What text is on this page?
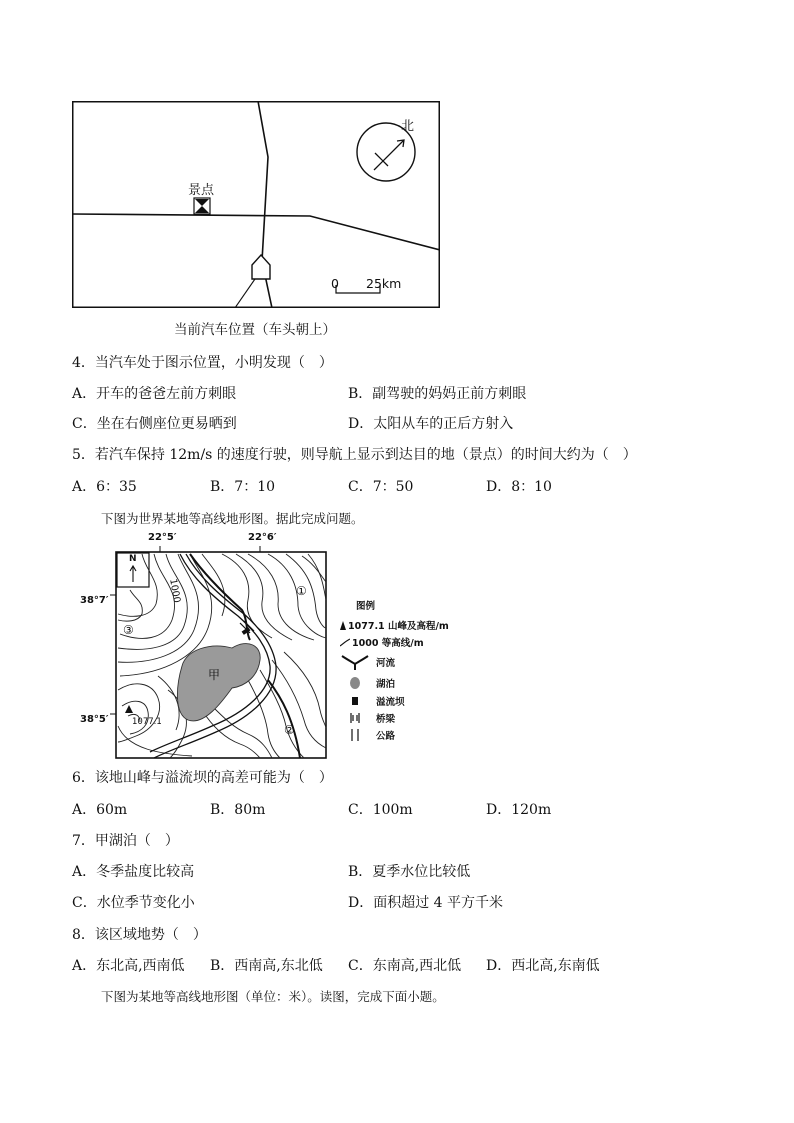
北
景点
0 25km
当前汽车位置（车头朝上）
4．当汽车处于图示位置，小明发现（　）
A．开车的爸爸左前方刺眼	B．副驾驶的妈妈正前方刺眼
C．坐在右侧座位更易晒到	D．太阳从车的正后方射入
5．若汽车保持 12m/s 的速度行驶，则导航上显示到达目的地（景点）的时间大约为（　）
A．6：35	B．7：10	C．7：50	D．8：10
下图为世界某地等高线地形图。据此完成问题。
22°5′	22°6′
38°7′
38°5′
N
1000
1077.1
甲
①
②
③
图例
1077.1 山峰及高程/m
1000 等高线/m
河流
湖泊
溢流坝
桥梁
公路
6．该地山峰与溢流坝的高差可能为（　）
A．60m	B．80m	C．100m	D．120m
7．甲湖泊（　）
A．冬季盐度比较高	B．夏季水位比较低
C．水位季节变化小	D．面积超过 4 平方千米
8．该区域地势（　）
A．东北高,西南低 B．西南高,东北低 C．东南高,西北低 D．西北高,东南低
下图为某地等高线地形图（单位：米）。读图，完成下面小题。
